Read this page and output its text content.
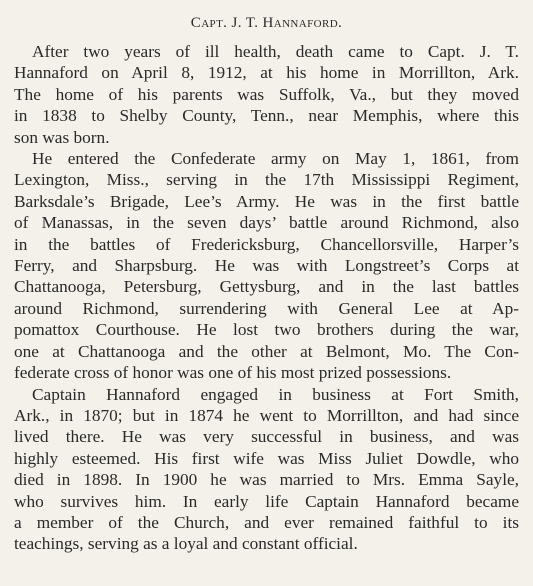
Capt. J. T. Hannaford.
After two years of ill health, death came to Capt. J. T.
Hannaford on April 8, 1912, at his home in Morrillton, Ark.
The home of his parents was Suffolk, Va., but they moved
in 1838 to Shelby County, Tenn., near Memphis, where this
son was born.
He entered the Confederate army on May 1, 1861, from
Lexington, Miss., serving in the 17th Mississippi Regiment,
Barksdale’s Brigade, Lee’s Army. He was in the first battle
of Manassas, in the seven days’ battle around Richmond, also
in the battles of Fredericksburg, Chancellorsville, Harper’s
Ferry, and Sharpsburg. He was with Longstreet’s Corps at
Chattanooga, Petersburg, Gettysburg, and in the last battles
around Richmond, surrendering with General Lee at Ap-
pomattox Courthouse. He lost two brothers during the war,
one at Chattanooga and the other at Belmont, Mo. The Con-
federate cross of honor was one of his most prized possessions.
Captain Hannaford engaged in business at Fort Smith,
Ark., in 1870; but in 1874 he went to Morrillton, and had since
lived there. He was very successful in business, and was
highly esteemed. His first wife was Miss Juliet Dowdle, who
died in 1898. In 1900 he was married to Mrs. Emma Sayle,
who survives him. In early life Captain Hannaford became
a member of the Church, and ever remained faithful to its
teachings, serving as a loyal and constant official.
